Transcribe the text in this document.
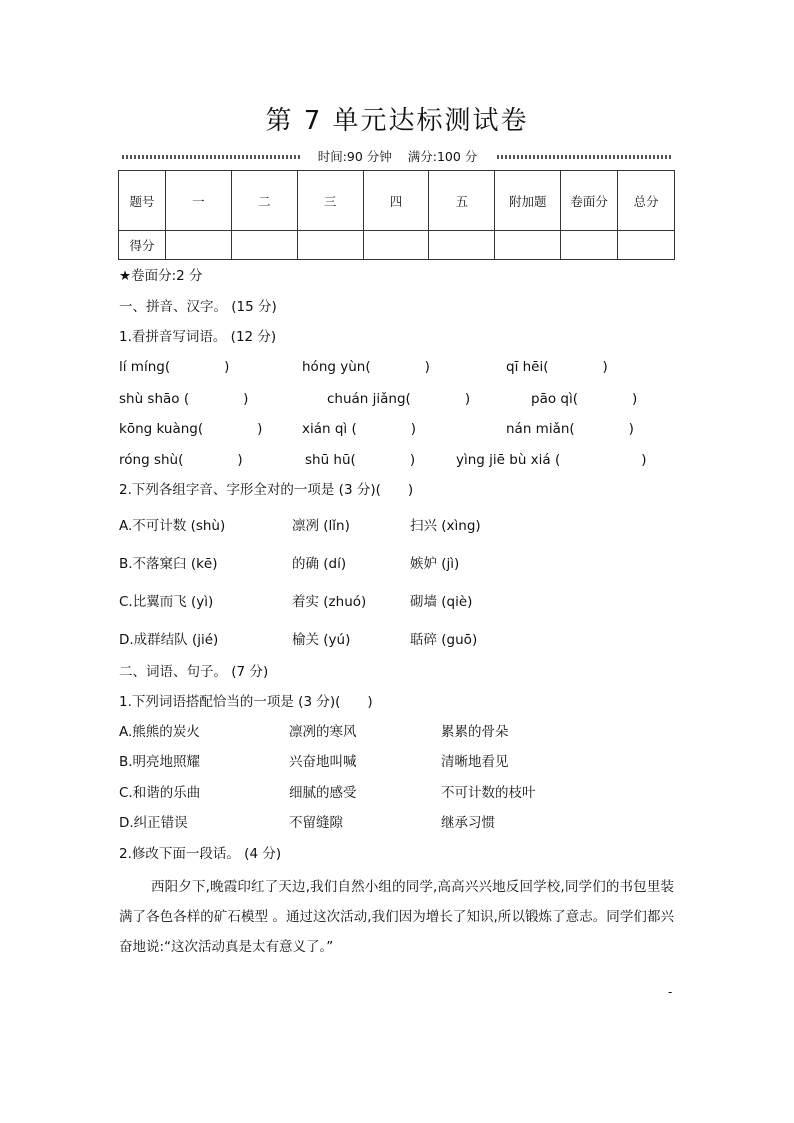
第 7 单元达标测试卷
时间:90 分钟 满分:100 分
题号	一	二	三	四	五	附加题	卷面分	总分
得分								
★卷面分:2 分
一、拼音、汉字。 (15 分)
1.看拼音写词语。 (12 分)
lí míng(　　　　)	hóng yùn(　　　　)	qī hēi(　　　　)
shù shāo (　　　　)	chuán jiǎng(　　　　)	pāo qì(　　　　)
kōng kuàng(　　　　)	xián qì (　　　　)	nán miǎn(　　　　)
róng shù(　　　　)	shū hū(　　　　)	yìng jiē bù xiá (　　　　　　)
2.下列各组字音、字形全对的一项是 (3 分)(　　)
A.不可计数 (shù)	凛冽 (lǐn)	扫兴 (xìng)
B.不落窠臼 (kē)	的确 (dí)	嫉妒 (jì)
C.比翼而飞 (yì)	着实 (zhuó)	砌墙 (qiè)
D.成群结队 (jié)	榆关 (yú)	聒碎 (guō)
二、词语、句子。 (7 分)
1.下列词语搭配恰当的一项是 (3 分)(　　)
A.熊熊的炭火	凛冽的寒风	累累的骨朵
B.明亮地照耀	兴奋地叫喊	清晰地看见
C.和谐的乐曲	细腻的感受	不可计数的枝叶
D.纠正错误	不留缝隙	继承习惯
2.修改下面一段话。 (4 分)
西阳夕下,晚霞印红了天边,我们自然小组的同学,高高兴兴地反回学校,同学们的书包里装满了各色各样的矿石模型 。通过这次活动,我们因为增长了知识,所以锻炼了意志。同学们都兴奋地说:“这次活动真是太有意义了。”
-
